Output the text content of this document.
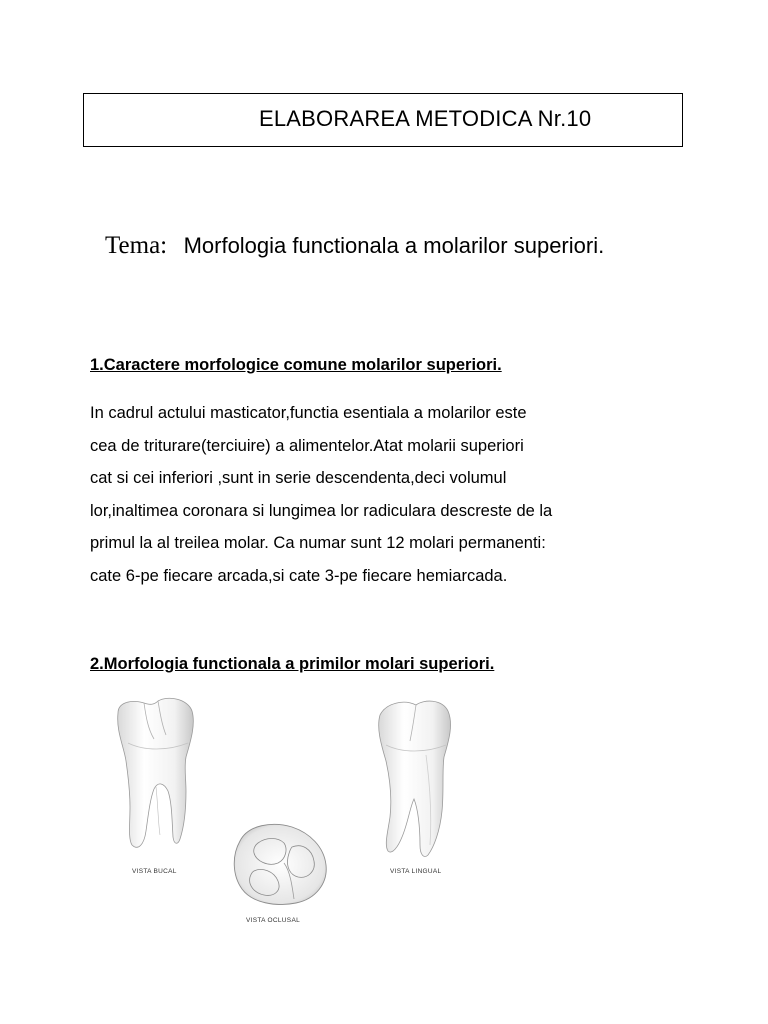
ELABORAREA METODICA Nr.10
Tema: Morfologia functionala a molarilor superiori.
1.Caractere morfologice comune molarilor superiori.
In cadrul actului masticator,functia esentiala a molarilor este
cea de triturare(terciuire) a alimentelor.Atat molarii superiori
cat si cei inferiori ,sunt in serie descendenta,deci volumul
lor,inaltimea coronara si lungimea lor radiculara descreste de la
primul la al treilea molar. Ca numar sunt 12 molari permanenti:
cate 6-pe fiecare arcada,si cate 3-pe fiecare hemiarcada.
2.Morfologia functionala a primilor molari superiori.
VISTA BUCAL	VISTA LINGUAL
VISTA OCLUSAL
